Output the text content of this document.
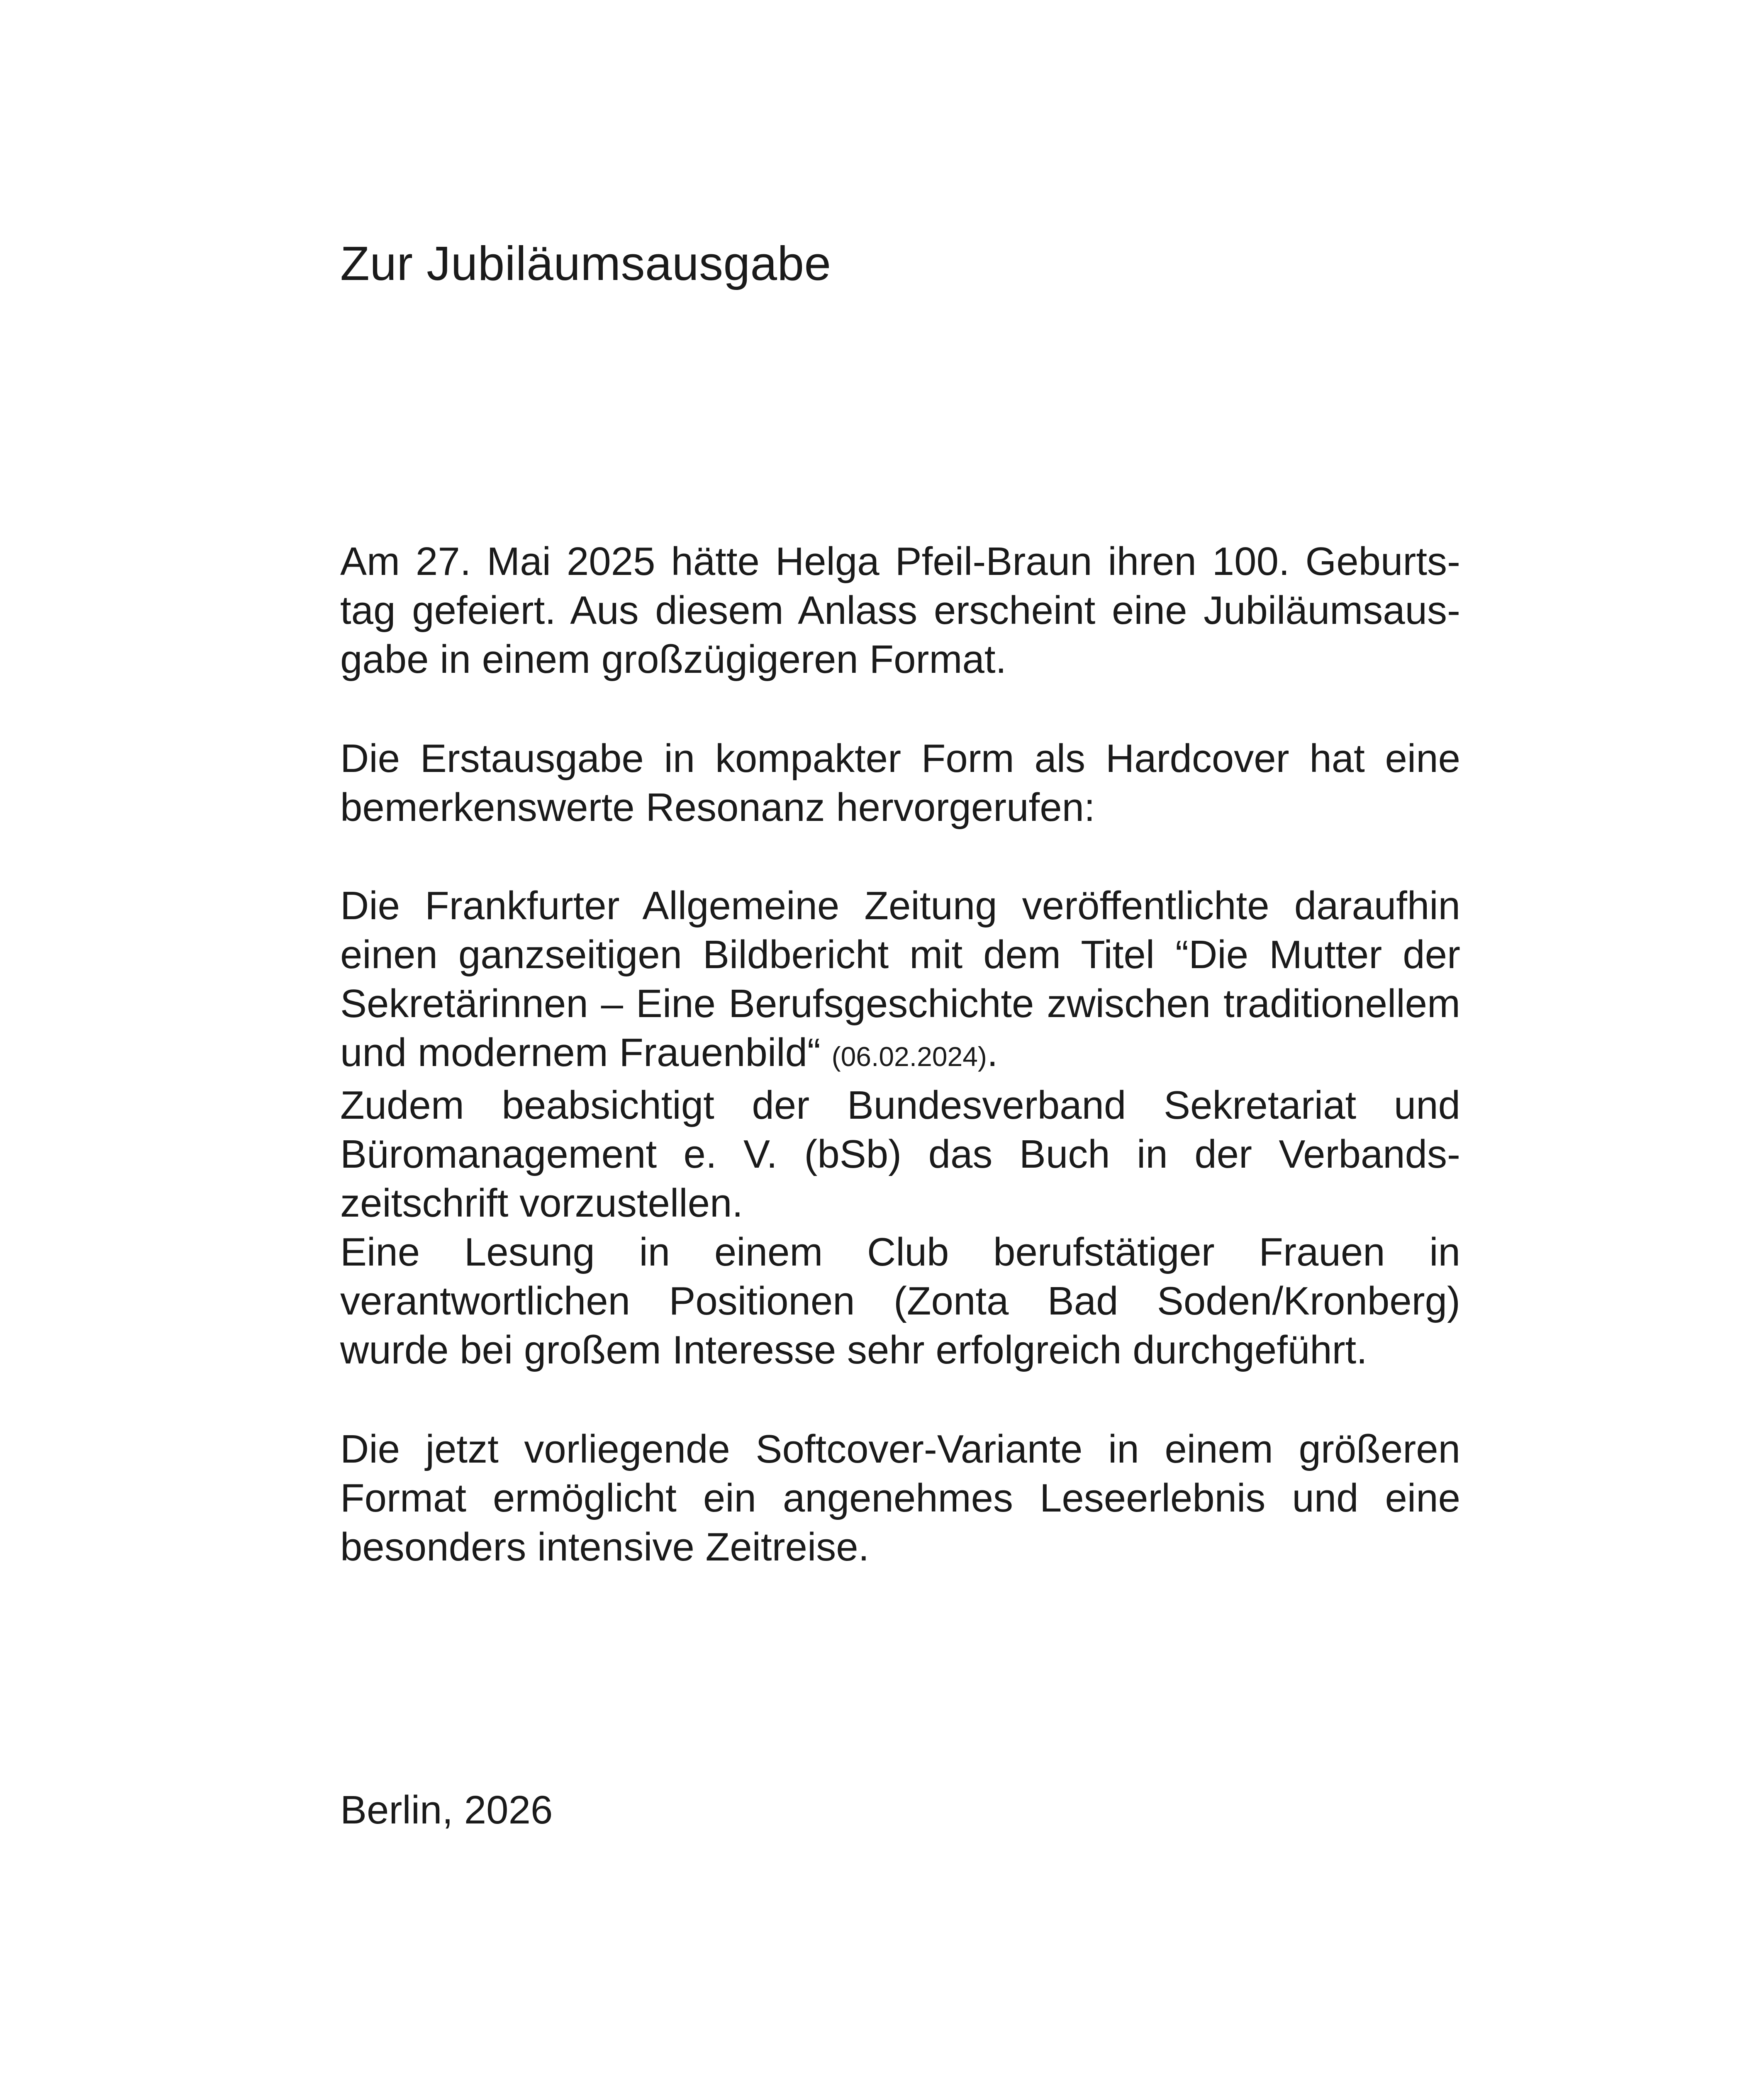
Zur Jubiläumsausgabe

Am 27. Mai 2025 hätte Helga Pfeil-Braun ihren 100. Geburtstag gefeiert. Aus diesem Anlass erscheint eine Jubiläumsausgabe in einem großzügigeren Format.

Die Erstausgabe in kompakter Form als Hardcover hat eine bemerkenswerte Resonanz hervorgerufen:

Die Frankfurter Allgemeine Zeitung veröffentlichte daraufhin einen ganzseitigen Bildbericht mit dem Titel “Die Mutter der Sekretärinnen – Eine Berufsgeschichte zwischen traditionellem und modernem Frauenbild“ (06.02.2024).
Zudem beabsichtigt der Bundesverband Sekretariat und Büromanagement e. V. (bSb) das Buch in der Verbandszeitschrift vorzustellen.
Eine Lesung in einem Club berufstätiger Frauen in verantwortlichen Positionen (Zonta Bad Soden/Kronberg) wurde bei großem Interesse sehr erfolgreich durchgeführt.

Die jetzt vorliegende Softcover-Variante in einem größeren Format ermöglicht ein angenehmes Leseerlebnis und eine besonders intensive Zeitreise.

Berlin, 2026
